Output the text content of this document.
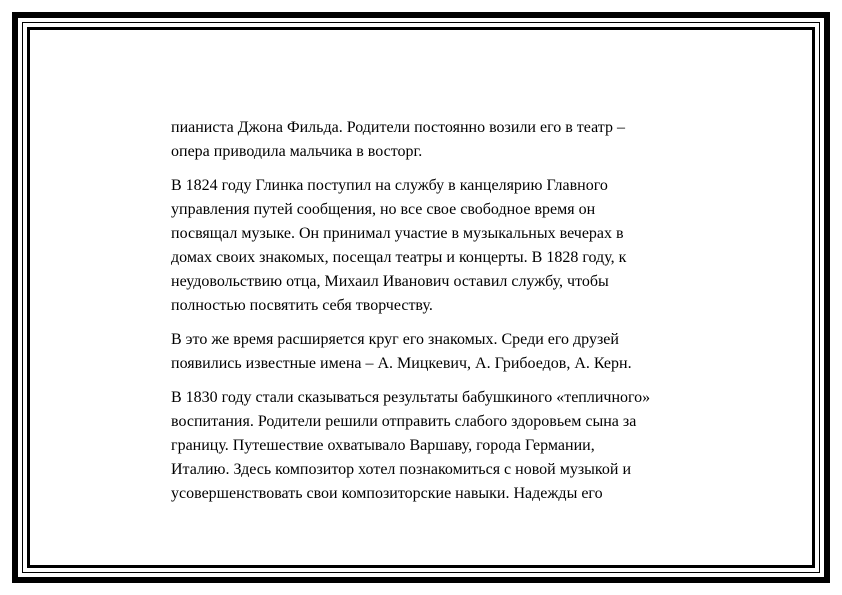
пианиста Джона Фильда. Родители постоянно возили его в театр –
опера приводила мальчика в восторг.

В 1824 году Глинка поступил на службу в канцелярию Главного
управления путей сообщения, но все свое свободное время он
посвящал музыке. Он принимал участие в музыкальных вечерах в
домах своих знакомых, посещал театры и концерты. В 1828 году, к
неудовольствию отца, Михаил Иванович оставил службу, чтобы
полностью посвятить себя творчеству.

В это же время расширяется круг его знакомых. Среди его друзей
появились известные имена – А. Мицкевич, А. Грибоедов, А. Керн.

В 1830 году стали сказываться результаты бабушкиного «тепличного»
воспитания. Родители решили отправить слабого здоровьем сына за
границу. Путешествие охватывало Варшаву, города Германии,
Италию. Здесь композитор хотел познакомиться с новой музыкой и
усовершенствовать свои композиторские навыки. Надежды его
